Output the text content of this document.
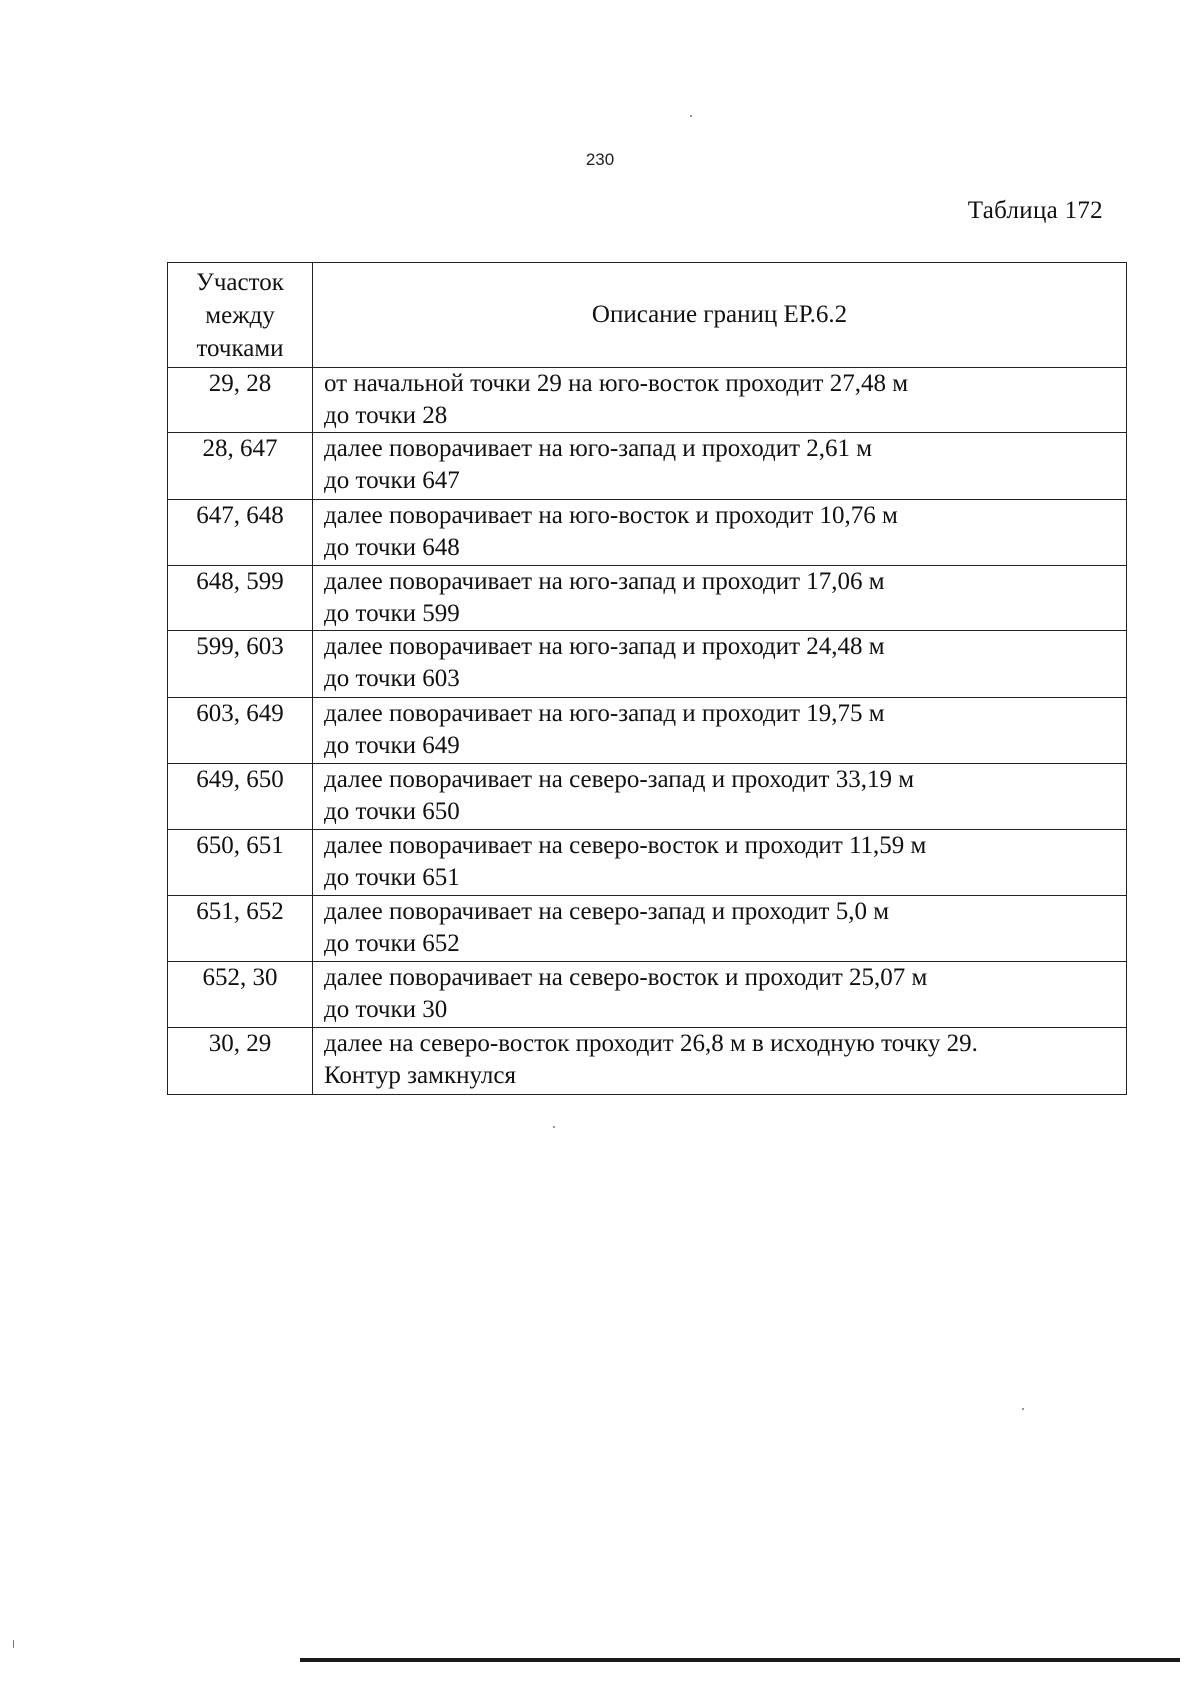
230
Таблица 172
Участок
между
точками	Описание границ ЕР.6.2
29, 28	от начальной точки 29 на юго-восток проходит 27,48 м
до точки 28

28, 647	далее поворачивает на юго-запад и проходит 2,61 м
до точки 647

647, 648	далее поворачивает на юго-восток и проходит 10,76 м
до точки 648

648, 599	далее поворачивает на юго-запад и проходит 17,06 м
до точки 599

599, 603	далее поворачивает на юго-запад и проходит 24,48 м
до точки 603

603, 649	далее поворачивает на юго-запад и проходит 19,75 м
до точки 649

649, 650	далее поворачивает на северо-запад и проходит 33,19 м
до точки 650

650, 651	далее поворачивает на северо-восток и проходит 11,59 м
до точки 651

651, 652	далее поворачивает на северо-запад и проходит 5,0 м
до точки 652

652, 30	далее поворачивает на северо-восток и проходит 25,07 м
до точки 30

30, 29	далее на северо-восток проходит 26,8 м в исходную точку 29.
Контур замкнулся
